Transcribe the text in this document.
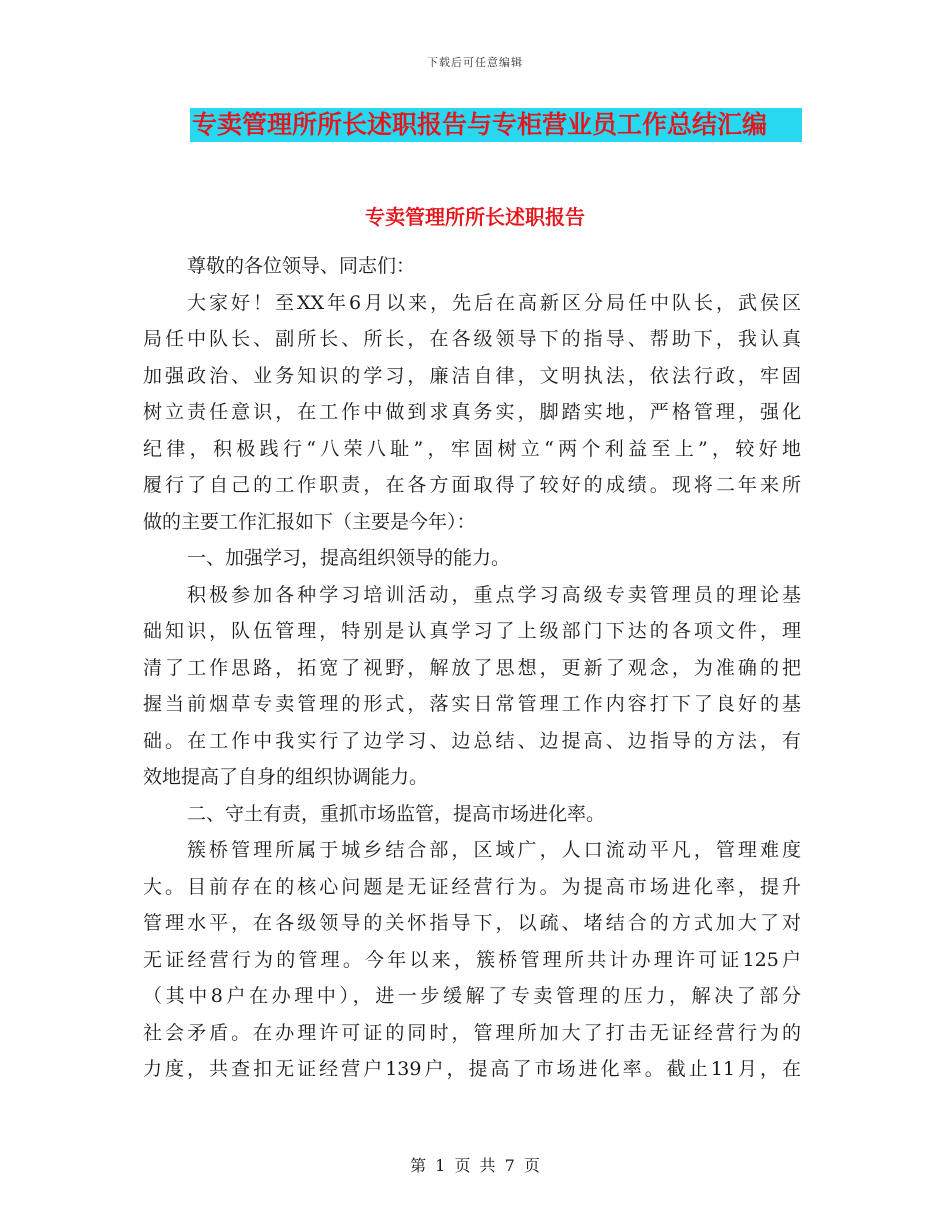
下载后可任意编辑
专卖管理所所长述职报告与专柜营业员工作总结汇编
专卖管理所所长述职报告
尊敬的各位领导、同志们：
大家好！至XX年6月以来，先后在高新区分局任中队长，武侯区
局任中队长、副所长、所长，在各级领导下的指导、帮助下，我认真
加强政治、业务知识的学习，廉洁自律，文明执法，依法行政，牢固
树立责任意识，在工作中做到求真务实，脚踏实地，严格管理，强化
纪律，积极践行“八荣八耻”，牢固树立“两个利益至上”，较好地
履行了自己的工作职责，在各方面取得了较好的成绩。现将二年来所
做的主要工作汇报如下（主要是今年）：
一、加强学习，提高组织领导的能力。
积极参加各种学习培训活动，重点学习高级专卖管理员的理论基
础知识，队伍管理，特别是认真学习了上级部门下达的各项文件，理
清了工作思路，拓宽了视野，解放了思想，更新了观念，为准确的把
握当前烟草专卖管理的形式，落实日常管理工作内容打下了良好的基
础。在工作中我实行了边学习、边总结、边提高、边指导的方法，有
效地提高了自身的组织协调能力。
二、守土有责，重抓市场监管，提高市场进化率。
簇桥管理所属于城乡结合部，区域广，人口流动平凡，管理难度
大。目前存在的核心问题是无证经营行为。为提高市场进化率，提升
管理水平，在各级领导的关怀指导下，以疏、堵结合的方式加大了对
无证经营行为的管理。今年以来，簇桥管理所共计办理许可证125户
（其中8户在办理中），进一步缓解了专卖管理的压力，解决了部分
社会矛盾。在办理许可证的同时，管理所加大了打击无证经营行为的
力度，共查扣无证经营户139户，提高了市场进化率。截止11月，在
第 1 页 共 7 页
